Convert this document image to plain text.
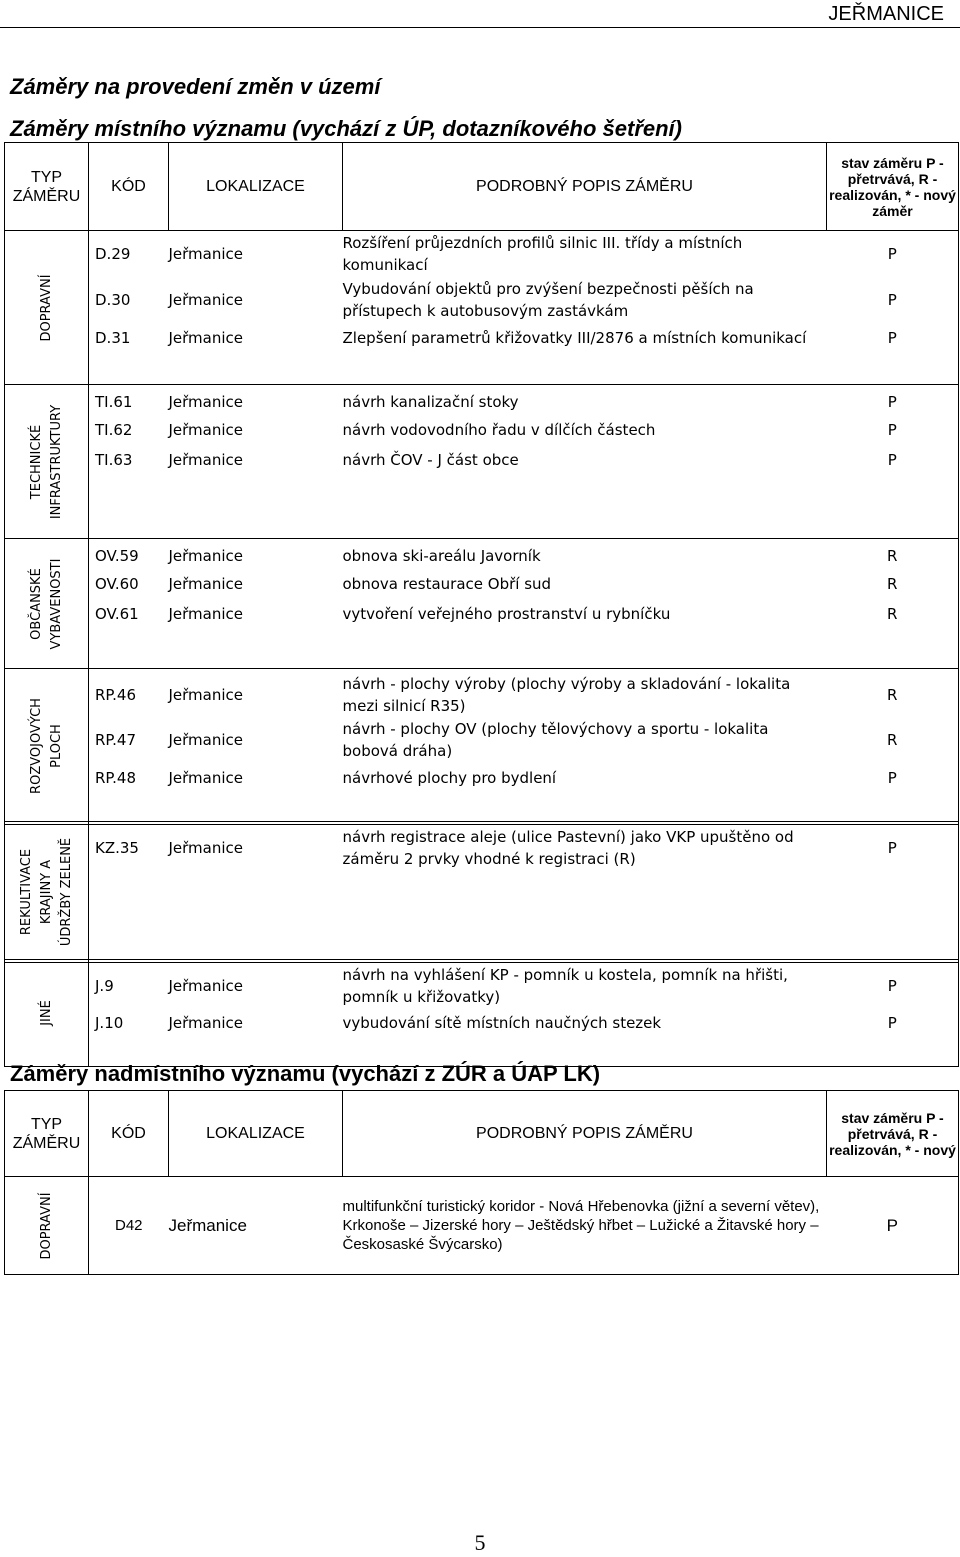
JEŘMANICE
Záměry na provedení změn v území
Záměry místního významu (vychází z ÚP, dotazníkového šetření)
TYP ZÁMĚRU	KÓD	LOKALIZACE	PODROBNÝ POPIS ZÁMĚRU	stav záměru P - přetrvává, R - realizován, * - nový záměr
DOPRAVNÍ	D.29	Jeřmanice	Rozšíření průjezdních profilů silnic III. třídy a místních komunikací	P
	D.30	Jeřmanice	Vybudování objektů pro zvýšení bezpečnosti pěších na přístupech k autobusovým zastávkám	P
	D.31	Jeřmanice	Zlepšení parametrů křižovatky III/2876 a místních komunikací	P

TECHNICKÉ INFRASTRUKTURY	TI.61	Jeřmanice	návrh kanalizační stoky	P
	TI.62	Jeřmanice	návrh vodovodního řadu v dílčích částech	P
	TI.63	Jeřmanice	návrh ČOV - J část obce	P

OBČANSKÉ VYBAVENOSTI	OV.59	Jeřmanice	obnova ski-areálu Javorník	R
	OV.60	Jeřmanice	obnova restaurace Obří sud	R
	OV.61	Jeřmanice	vytvoření veřejného prostranství u rybníčku	R

ROZVOJOVÝCH PLOCH	RP.46	Jeřmanice	návrh - plochy výroby (plochy výroby a skladování - lokalita mezi silnicí R35)	R
	RP.47	Jeřmanice	návrh - plochy OV (plochy tělovýchovy a sportu - lokalita bobová dráha)	R
	RP.48	Jeřmanice	návrhové plochy pro bydlení	P

REKULTIVACE KRAJINY A ÚDRŽBY ZELENĚ	KZ.35	Jeřmanice	návrh registrace aleje (ulice Pastevní) jako VKP upuštěno od záměru 2 prvky vhodné k registraci (R)	P

JINÉ	J.9	Jeřmanice	návrh na vyhlášení KP - pomník u kostela, pomník na hřišti, pomník u křižovatky)	P
	J.10	Jeřmanice	vybudování sítě místních naučných stezek	P

Záměry nadmístního významu (vychází z ZÚR a ÚAP LK)
TYP ZÁMĚRU	KÓD	LOKALIZACE	PODROBNÝ POPIS ZÁMĚRU	stav záměru P - přetrvává, R - realizován, * - nový

DOPRAVNÍ	D42	Jeřmanice	multifunkční turistický koridor - Nová Hřebenovka (jižní a severní větev), Krkonoše – Jizerské hory – Ještědský hřbet – Lužické a Žitavské hory – Českosaské Švýcarsko)	P
5
